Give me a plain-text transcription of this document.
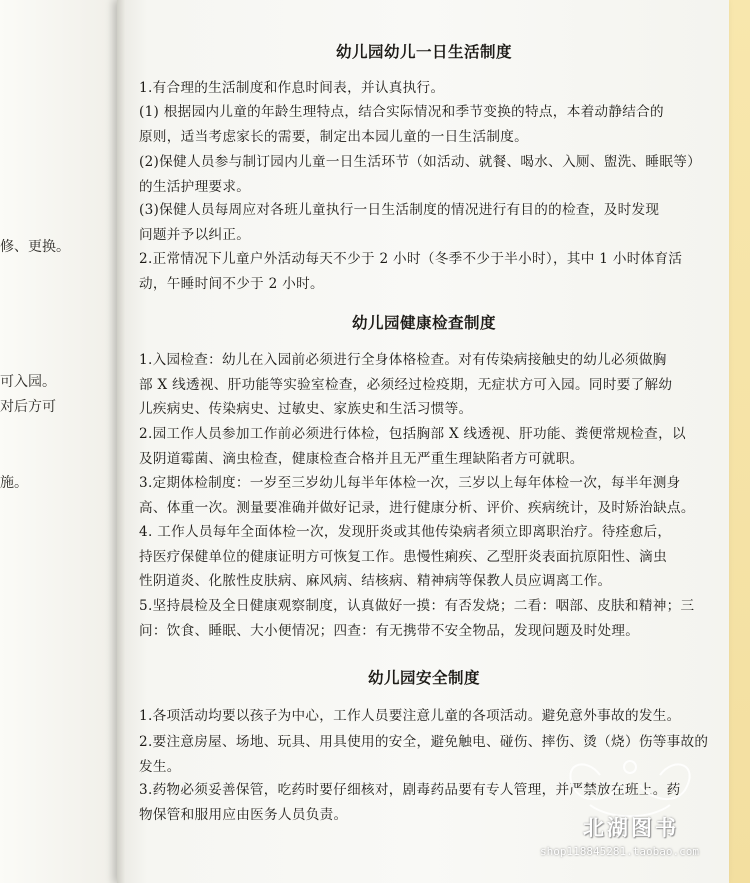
修、更换。
可入园。
对后方可
施。
幼儿园幼儿一日生活制度
1.有合理的生活制度和作息时间表，并认真执行。
(1) 根据园内儿童的年龄生理特点，结合实际情况和季节变换的特点，本着动静结合的
原则，适当考虑家长的需要，制定出本园儿童的一日生活制度。
(2)保健人员参与制订园内儿童一日生活环节（如活动、就餐、喝水、入厕、盥洗、睡眠等）
的生活护理要求。
(3)保健人员每周应对各班儿童执行一日生活制度的情况进行有目的的检查，及时发现
问题并予以纠正。
2.正常情况下儿童户外活动每天不少于 2 小时（冬季不少于半小时），其中 1 小时体育活
动，午睡时间不少于 2 小时。
幼儿园健康检查制度
1.入园检查：幼儿在入园前必须进行全身体格检查。对有传染病接触史的幼儿必须做胸
部 X 线透视、肝功能等实验室检查，必须经过检疫期，无症状方可入园。同时要了解幼
儿疾病史、传染病史、过敏史、家族史和生活习惯等。
2.园工作人员参加工作前必须进行体检，包括胸部 X 线透视、肝功能、粪便常规检查，以
及阴道霉菌、滴虫检查，健康检查合格并且无严重生理缺陷者方可就职。
3.定期体检制度：一岁至三岁幼儿每半年体检一次，三岁以上每年体检一次，每半年测身
高、体重一次。测量要准确并做好记录，进行健康分析、评价、疾病统计，及时矫治缺点。
4. 工作人员每年全面体检一次，发现肝炎或其他传染病者须立即离职治疗。待痊愈后，
持医疗保健单位的健康证明方可恢复工作。患慢性痢疾、乙型肝炎表面抗原阳性、滴虫
性阴道炎、化脓性皮肤病、麻风病、结核病、精神病等保教人员应调离工作。
5.坚持晨检及全日健康观察制度，认真做好一摸：有否发烧；二看：咽部、皮肤和精神；三
问：饮食、睡眠、大小便情况；四查：有无携带不安全物品，发现问题及时处理。
幼儿园安全制度
1.各项活动均要以孩子为中心，工作人员要注意儿童的各项活动。避免意外事故的发生。
2.要注意房屋、场地、玩具、用具使用的安全，避免触电、碰伤、摔伤、烫（烧）伤等事故的
发生。
3.药物必须妥善保管，吃药时要仔细核对，剧毒药品要有专人管理，并严禁放在班上。药
物保管和服用应由医务人员负责。
北湖图书
shop118845281.taobao.com
